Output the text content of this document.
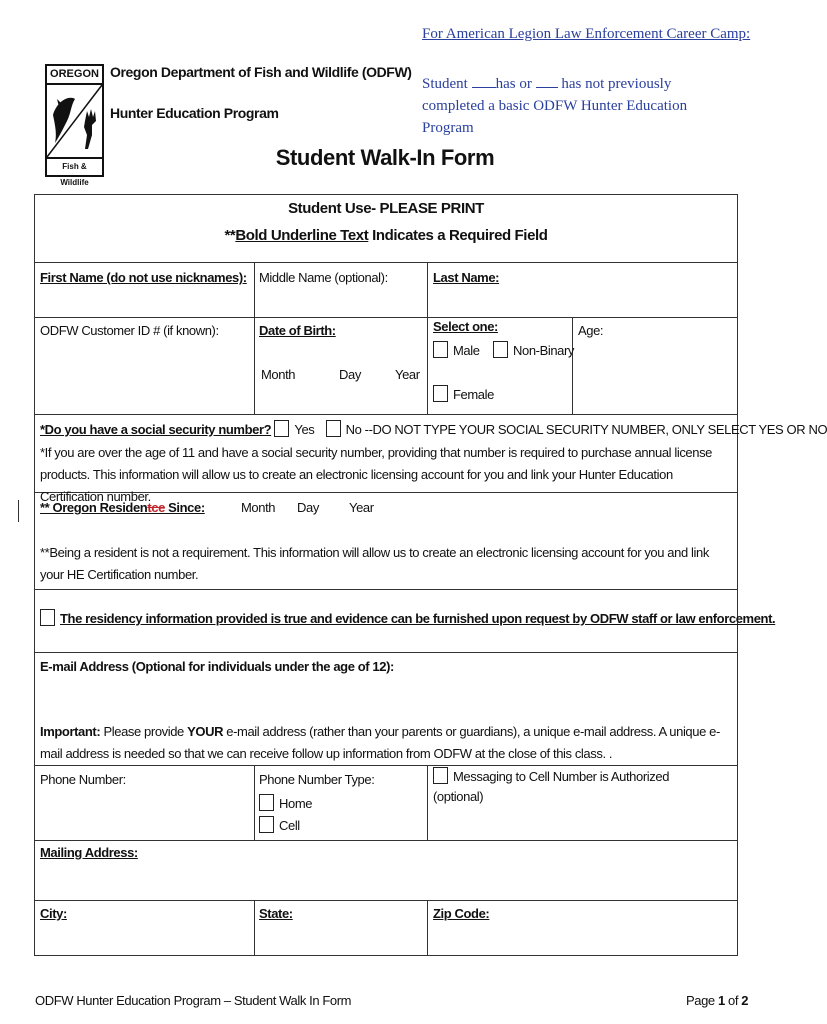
For American Legion Law Enforcement Career Camp:
Student has or  has not previously completed a basic ODFW Hunter Education Program
OREGON
Fish & Wildlife
Oregon Department of Fish and Wildlife (ODFW)
Hunter Education Program
Student Walk-In Form
Student Use- PLEASE PRINT
**Bold Underline Text Indicates a Required Field
First Name (do not use nicknames): Middle Name (optional):	Last Name:
ODFW Customer ID # (if known):	Date of Birth:
Month	Day	Year
Select one:
Male	Non-Binary
Female
Age:
*Do you have a social security number? Yes No --DO NOT TYPE YOUR SOCIAL SECURITY NUMBER, ONLY SELECT YES OR NO
*If you are over the age of 11 and have a social security number, providing that number is required to purchase annual license products. This information will allow us to create an electronic licensing account for you and link your Hunter Education Certification number.
** Oregon Residentce Since:	Month Day Year
**Being a resident is not a requirement. This information will allow us to create an electronic licensing account for you and link your HE Certification number.
The residency information provided is true and evidence can be furnished upon request by ODFW staff or law enforcement.
E-mail Address (Optional for individuals under the age of 12):
Important: Please provide YOUR e-mail address (rather than your parents or guardians), a unique e-mail address. A unique e-mail address is needed so that we can receive follow up information from ODFW at the close of this class. .
Phone Number:	Phone Number Type:
Home
Cell
Messaging to Cell Number is Authorized (optional)
Mailing Address:
City:	State:	Zip Code:
ODFW Hunter Education Program – Student Walk In Form	Page 1 of 2
